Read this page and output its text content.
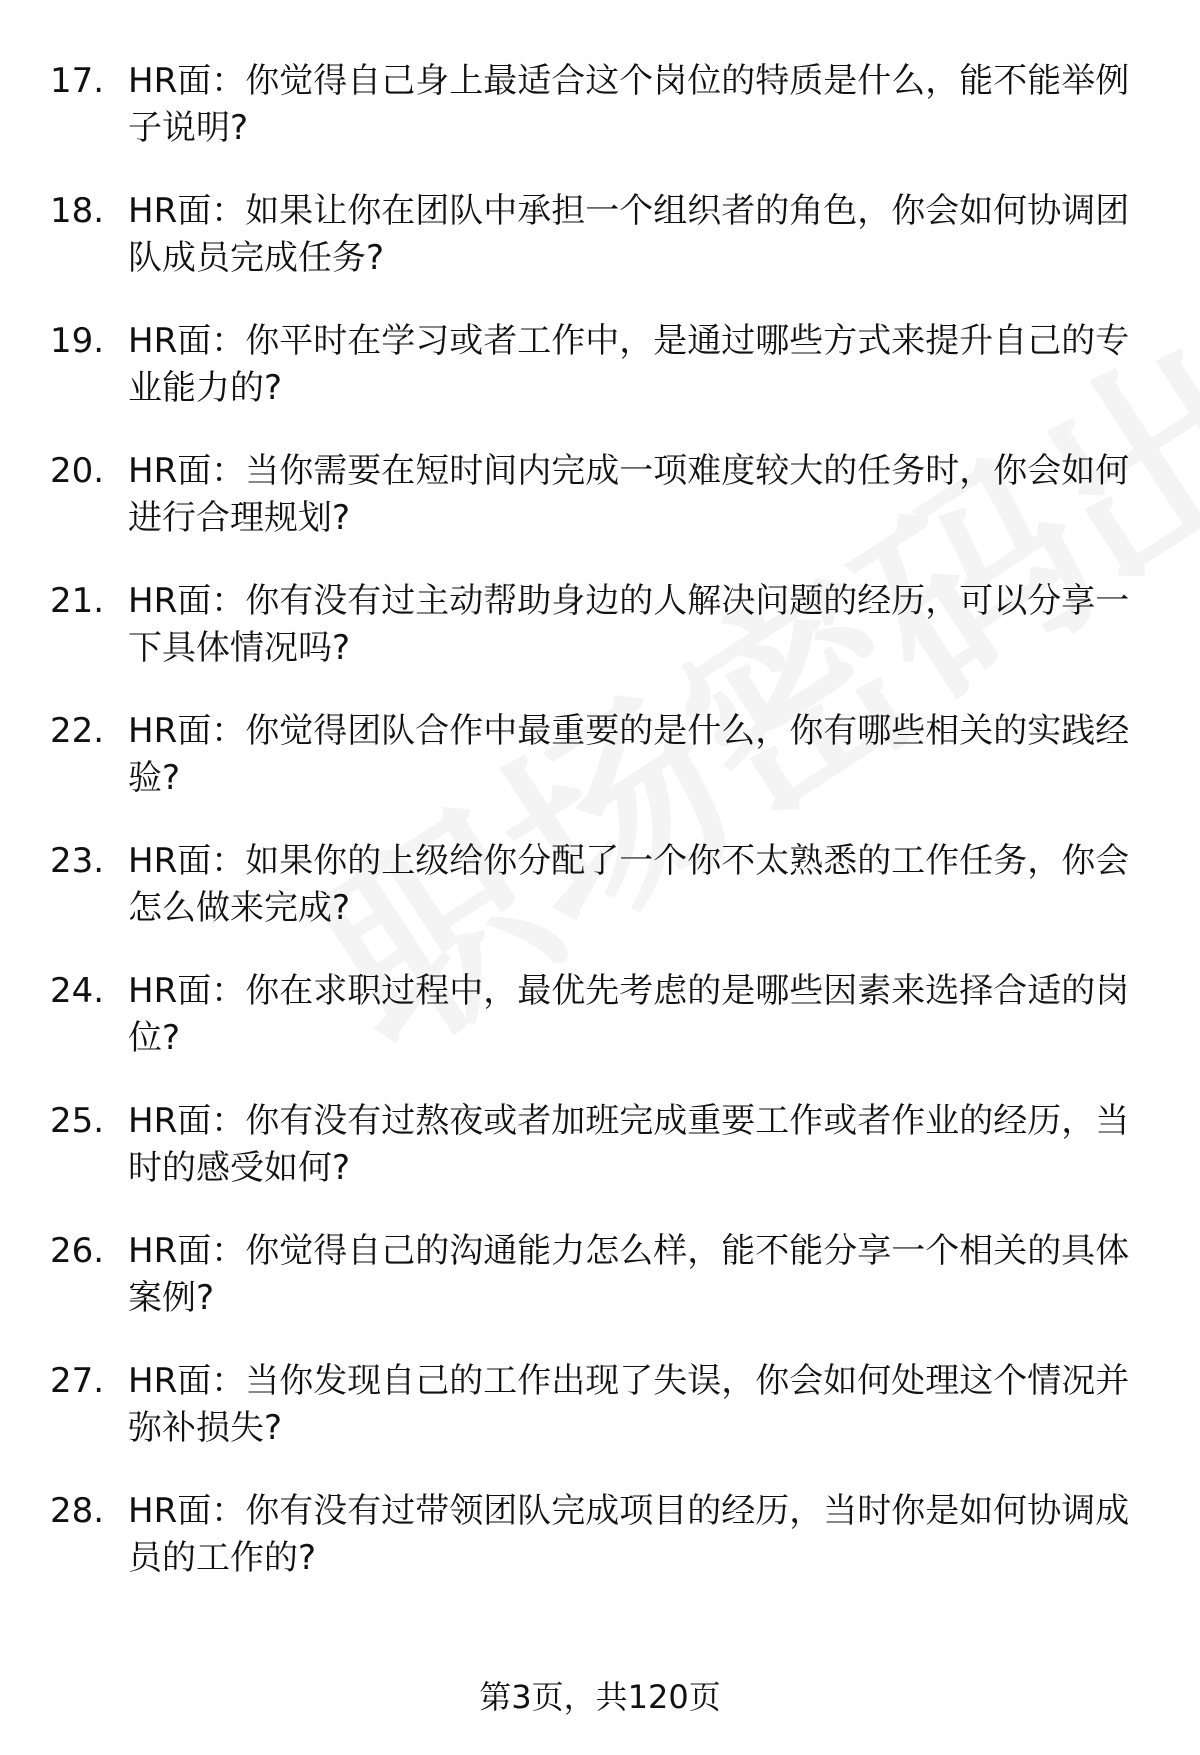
17. HR面：你觉得自己身上最适合这个岗位的特质是什么，能不能举例子说明?
18. HR面：如果让你在团队中承担一个组织者的角色，你会如何协调团队成员完成任务?
19. HR面：你平时在学习或者工作中，是通过哪些方式来提升自己的专业能力的?
20. HR面：当你需要在短时间内完成一项难度较大的任务时，你会如何进行合理规划?
21. HR面：你有没有过主动帮助身边的人解决问题的经历，可以分享一下具体情况吗?
22. HR面：你觉得团队合作中最重要的是什么，你有哪些相关的实践经验?
23. HR面：如果你的上级给你分配了一个你不太熟悉的工作任务，你会怎么做来完成?
24. HR面：你在求职过程中，最优先考虑的是哪些因素来选择合适的岗位?
25. HR面：你有没有过熬夜或者加班完成重要工作或者作业的经历，当时的感受如何?
26. HR面：你觉得自己的沟通能力怎么样，能不能分享一个相关的具体案例?
27. HR面：当你发现自己的工作出现了失误，你会如何处理这个情况并弥补损失?
28. HR面：你有没有过带领团队完成项目的经历，当时你是如何协调成员的工作的?
第3页，共120页
